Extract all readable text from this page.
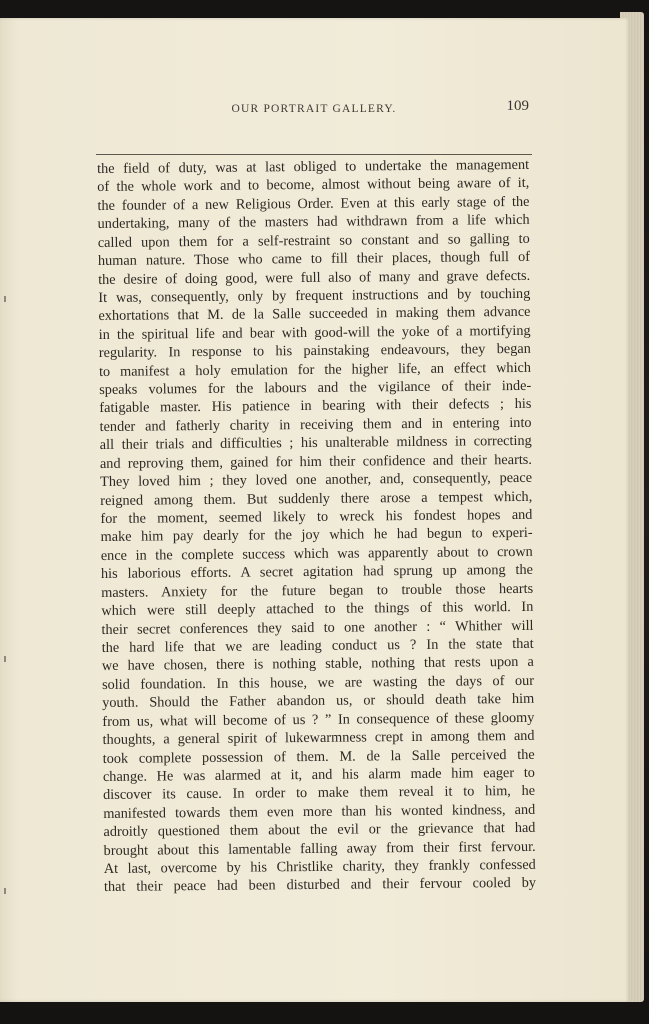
OUR PORTRAIT GALLERY.	109
the field of duty, was at last obliged to undertake the management
of the whole work and to become, almost without being aware of it,
the founder of a new Religious Order. Even at this early stage of the
undertaking, many of the masters had withdrawn from a life which
called upon them for a self-restraint so constant and so galling to
human nature. Those who came to fill their places, though full of
the desire of doing good, were full also of many and grave defects.
It was, consequently, only by frequent instructions and by touching
exhortations that M. de la Salle succeeded in making them advance
in the spiritual life and bear with good-will the yoke of a mortifying
regularity. In response to his painstaking endeavours, they began
to manifest a holy emulation for the higher life, an effect which
speaks volumes for the labours and the vigilance of their inde-
fatigable master. His patience in bearing with their defects ; his
tender and fatherly charity in receiving them and in entering into
all their trials and difficulties ; his unalterable mildness in correcting
and reproving them, gained for him their confidence and their hearts.
They loved him ; they loved one another, and, consequently, peace
reigned among them. But suddenly there arose a tempest which,
for the moment, seemed likely to wreck his fondest hopes and
make him pay dearly for the joy which he had begun to experi-
ence in the complete success which was apparently about to crown
his laborious efforts. A secret agitation had sprung up among the
masters. Anxiety for the future began to trouble those hearts
which were still deeply attached to the things of this world. In
their secret conferences they said to one another : “ Whither will
the hard life that we are leading conduct us ? In the state that
we have chosen, there is nothing stable, nothing that rests upon a
solid foundation. In this house, we are wasting the days of our
youth. Should the Father abandon us, or should death take him
from us, what will become of us ? ” In consequence of these gloomy
thoughts, a general spirit of lukewarmness crept in among them and
took complete possession of them. M. de la Salle perceived the
change. He was alarmed at it, and his alarm made him eager to
discover its cause. In order to make them reveal it to him, he
manifested towards them even more than his wonted kindness, and
adroitly questioned them about the evil or the grievance that had
brought about this lamentable falling away from their first fervour.
At last, overcome by his Christlike charity, they frankly confessed
that their peace had been disturbed and their fervour cooled by
